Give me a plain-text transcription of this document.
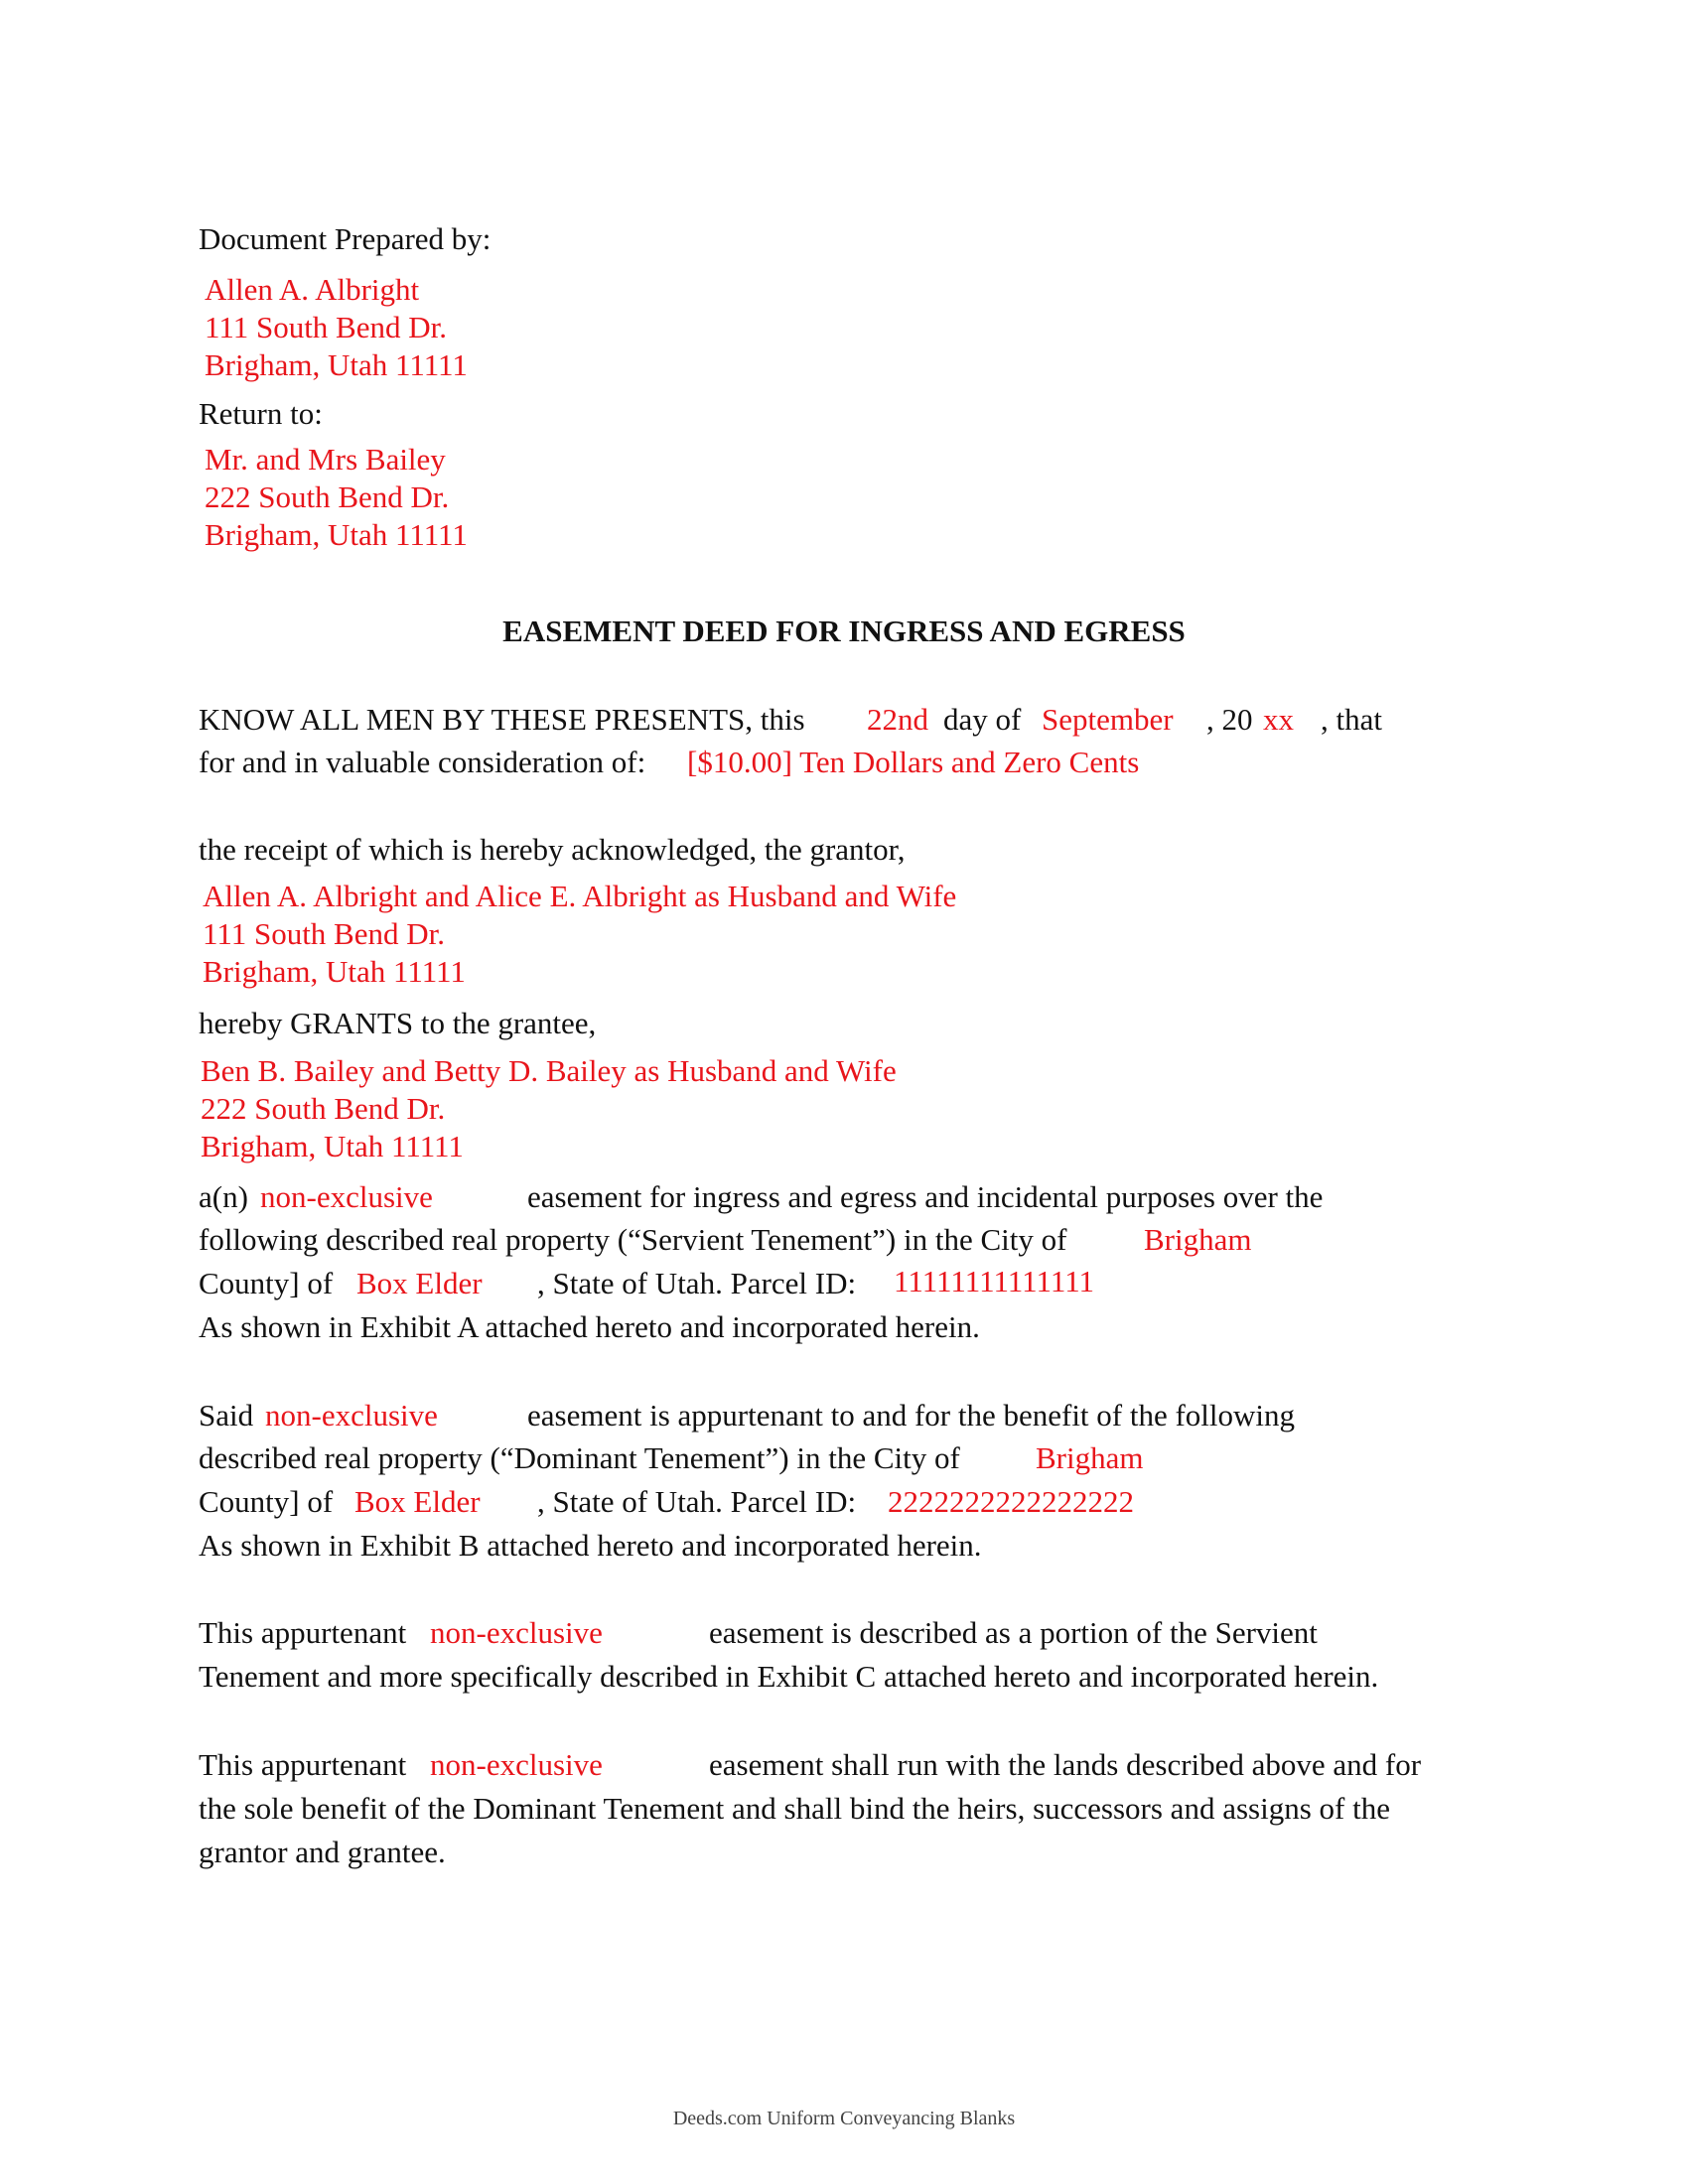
Document Prepared by:
Allen A. Albright
111 South Bend Dr.
Brigham, Utah 11111
Return to:
Mr. and Mrs Bailey
222 South Bend Dr.
Brigham, Utah 11111
EASEMENT DEED FOR INGRESS AND EGRESS
KNOW ALL MEN BY THESE PRESENTS, this 22nd day of September , 20 xx , that
for and in valuable consideration of: [$10.00] Ten Dollars and Zero Cents
the receipt of which is hereby acknowledged, the grantor,
Allen A. Albright and Alice E. Albright as Husband and Wife
111 South Bend Dr.
Brigham, Utah 11111
hereby GRANTS to the grantee,
Ben B. Bailey and Betty D. Bailey as Husband and Wife
222 South Bend Dr.
Brigham, Utah 11111
a(n) non-exclusive	easement for ingress and egress and incidental purposes over the
following described real property (“Servient Tenement”) in the City of	Brigham
County] of Box Elder , State of Utah. Parcel ID: 11111111111111
As shown in Exhibit A attached hereto and incorporated herein.
Said non-exclusive	easement is appurtenant to and for the benefit of the following
described real property (“Dominant Tenement”) in the City of Brigham
County] of Box Elder , State of Utah. Parcel ID: 2222222222222222
As shown in Exhibit B attached hereto and incorporated herein.
This appurtenant non-exclusive	easement is described as a portion of the Servient
Tenement and more specifically described in Exhibit C attached hereto and incorporated herein.
This appurtenant non-exclusive	easement shall run with the lands described above and for
the sole benefit of the Dominant Tenement and shall bind the heirs, successors and assigns of the
grantor and grantee.
Deeds.com Uniform Conveyancing Blanks
